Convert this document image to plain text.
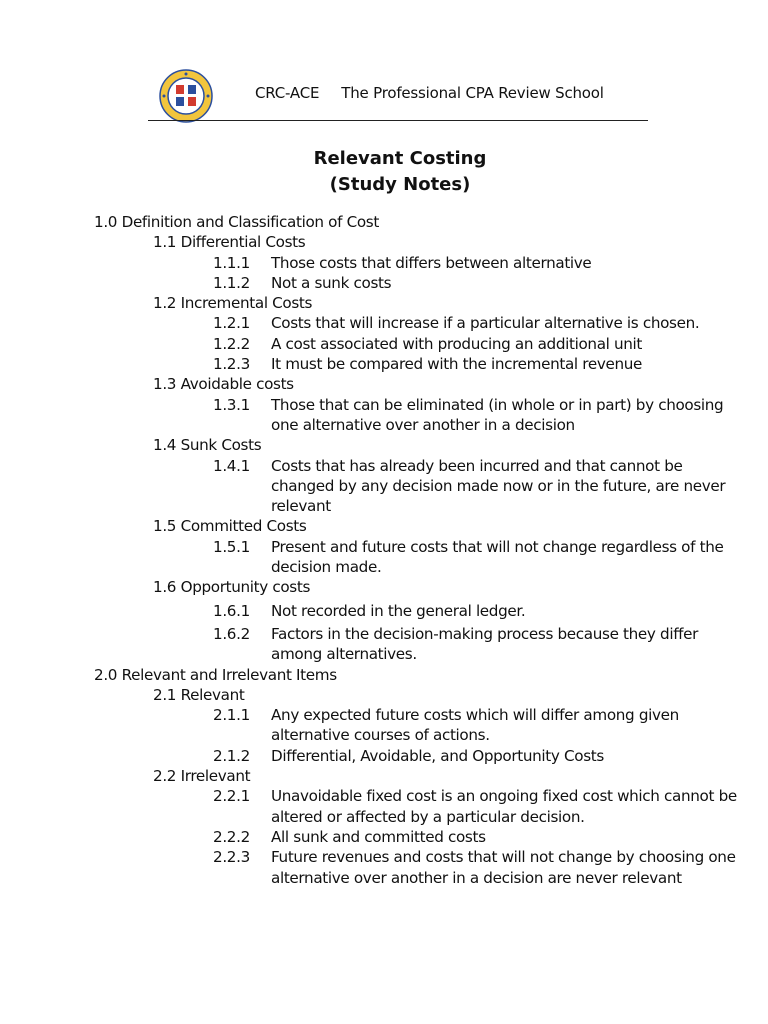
CRC-ACE The Professional CPA Review School
Relevant Costing
(Study Notes)
1.0 Definition and Classification of Cost
1.1 Differential Costs
1.1.1 Those costs that differs between alternative
1.1.2 Not a sunk costs
1.2 Incremental Costs
1.2.1 Costs that will increase if a particular alternative is chosen.
1.2.2 A cost associated with producing an additional unit
1.2.3 It must be compared with the incremental revenue
1.3 Avoidable costs
1.3.1 Those that can be eliminated (in whole or in part) by choosing one alternative over another in a decision
1.4 Sunk Costs
1.4.1 Costs that has already been incurred and that cannot be changed by any decision made now or in the future, are never relevant
1.5 Committed Costs
1.5.1 Present and future costs that will not change regardless of the decision made.
1.6 Opportunity costs
1.6.1 Not recorded in the general ledger.
1.6.2 Factors in the decision-making process because they differ among alternatives.
2.0 Relevant and Irrelevant Items
2.1 Relevant
2.1.1 Any expected future costs which will differ among given alternative courses of actions.
2.1.2 Differential, Avoidable, and Opportunity Costs
2.2 Irrelevant
2.2.1 Unavoidable fixed cost is an ongoing fixed cost which cannot be altered or affected by a particular decision.
2.2.2 All sunk and committed costs
2.2.3 Future revenues and costs that will not change by choosing one alternative over another in a decision are never relevant
